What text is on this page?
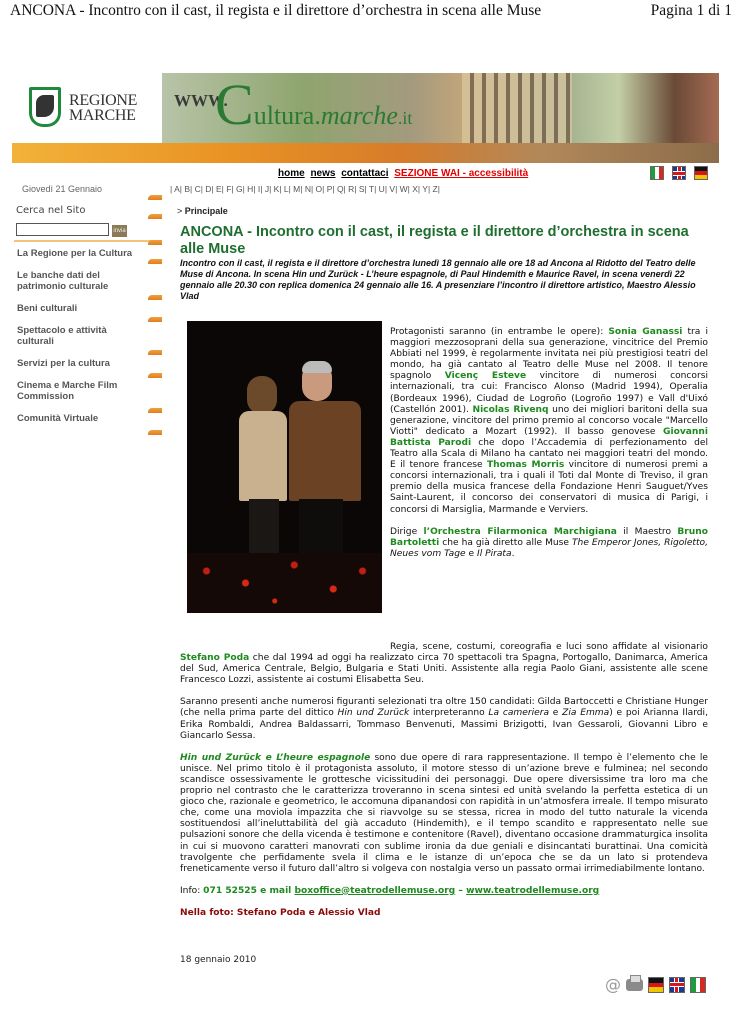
ANCONA - Incontro con il cast, il regista e il direttore d’orchestra in scena alle Muse	Pagina 1 di 1
REGIONE
MARCHE
WWW.
Cultura.marche.it
home news contattaci SEZIONE WAI - accessibilità
| A| B| C| D| E| F| G| H| I| J| K| L| M| N| O| P| Q| R| S| T| U| V| W| X| Y| Z|
Giovedì 21 Gennaio
Cerca nel Sito
invia
La Regione per la Cultura
Le banche dati del patrimonio culturale
Beni culturali
Spettacolo e attività culturali
Servizi per la cultura
Cinema e Marche Film Commission
Comunità Virtuale
> Principale
ANCONA - Incontro con il cast, il regista e il direttore d’orchestra in scena alle Muse
Incontro con il cast, il regista e il direttore d’orchestra lunedì 18 gennaio alle ore 18 ad Ancona al Ridotto del Teatro delle Muse di Ancona. In scena Hin und Zurück - L’heure espagnole, di Paul Hindemith e Maurice Ravel, in scena venerdì 22 gennaio alle 20.30 con replica domenica 24 gennaio alle 16. A presenziare l’incontro il direttore artistico, Maestro Alessio Vlad

Protagonisti saranno (in entrambe le opere): Sonia Ganassi tra i maggiori mezzosoprani della sua generazione, vincitrice del Premio Abbiati nel 1999, è regolarmente invitata nei più prestigiosi teatri del mondo, ha già cantato al Teatro delle Muse nel 2008. Il tenore spagnolo Vicenç Esteve vincitore di numerosi concorsi internazionali, tra cui: Francisco Alonso (Madrid 1994), Operalia (Bordeaux 1996), Ciudad de Logroño (Logroño 1997) e Vall d'Uixó (Castellón 2001). Nicolas Rivenq uno dei migliori baritoni della sua generazione, vincitore del primo premio al concorso vocale "Marcello Viotti" dedicato a Mozart (1992). Il basso genovese Giovanni Battista Parodi che dopo l’Accademia di perfezionamento del Teatro alla Scala di Milano ha cantato nei maggiori teatri del mondo. E il tenore francese Thomas Morris vincitore di numerosi premi a concorsi internazionali, tra i quali il Toti dal Monte di Treviso, il gran premio della musica francese della Fondazione Henri Sauguet/Yves Saint-Laurent, il concorso dei conservatori di musica di Parigi, i concorsi di Marsiglia, Marmande e Verviers.

Dirige l’Orchestra Filarmonica Marchigiana il Maestro Bruno Bartoletti che ha già diretto alle Muse The Emperor Jones, Rigoletto, Neues vom Tage e Il Pirata.

Regia, scene, costumi, coreografia e luci sono affidate al visionario Stefano Poda che dal 1994 ad oggi ha realizzato circa 70 spettacoli tra Spagna, Portogallo, Danimarca, America del Sud, America Centrale, Belgio, Bulgaria e Stati Uniti. Assistente alla regia Paolo Giani, assistente alle scene Francesco Lozzi, assistente ai costumi Elisabetta Seu.

Saranno presenti anche numerosi figuranti selezionati tra oltre 150 candidati: Gilda Bartoccetti e Christiane Hunger (che nella prima parte del dittico Hin und Zurück interpreteranno La cameriera e Zia Emma) e poi Arianna Ilardi, Erika Rombaldi, Andrea Baldassarri, Tommaso Benvenuti, Massimi Brizigotti, Ivan Gessaroli, Giovanni Libro e Giancarlo Sessa.

Hin und Zurück e L’heure espagnole sono due opere di rara rappresentazione. Il tempo è l’elemento che le unisce. Nel primo titolo è il protagonista assoluto, il motore stesso di un’azione breve e fulminea; nel secondo scandisce ossessivamente le grottesche vicissitudini dei personaggi. Due opere diversissime tra loro ma che proprio nel contrasto che le caratterizza troveranno in scena sintesi ed unità svelando la perfetta estetica di un gioco che, razionale e geometrico, le accomuna dipanandosi con rapidità in un’atmosfera irreale. Il tempo misurato che, come una moviola impazzita che si riavvolge su se stessa, ricrea in modo del tutto naturale la vicenda sostituendosi all’ineluttabilità del già accaduto (Hindemith), e il tempo scandito e rappresentato nelle sue pulsazioni sonore che della vicenda è testimone e contenitore (Ravel), diventano occasione drammaturgica insolita in cui si muovono caratteri manovrati con sublime ironia da due geniali e disincantati burattinai. Una comicità travolgente che perfidamente svela il clima e le istanze di un’epoca che se da un lato si protendeva freneticamente verso il futuro dall’altro si volgeva con nostalgia verso un passato ormai irrimediabilmente lontano.

Info: 071 52525 e mail boxoffice@teatrodellemuse.org – www.teatrodellemuse.org

Nella foto: Stefano Poda e Alessio Vlad

18 gennaio 2010
@
